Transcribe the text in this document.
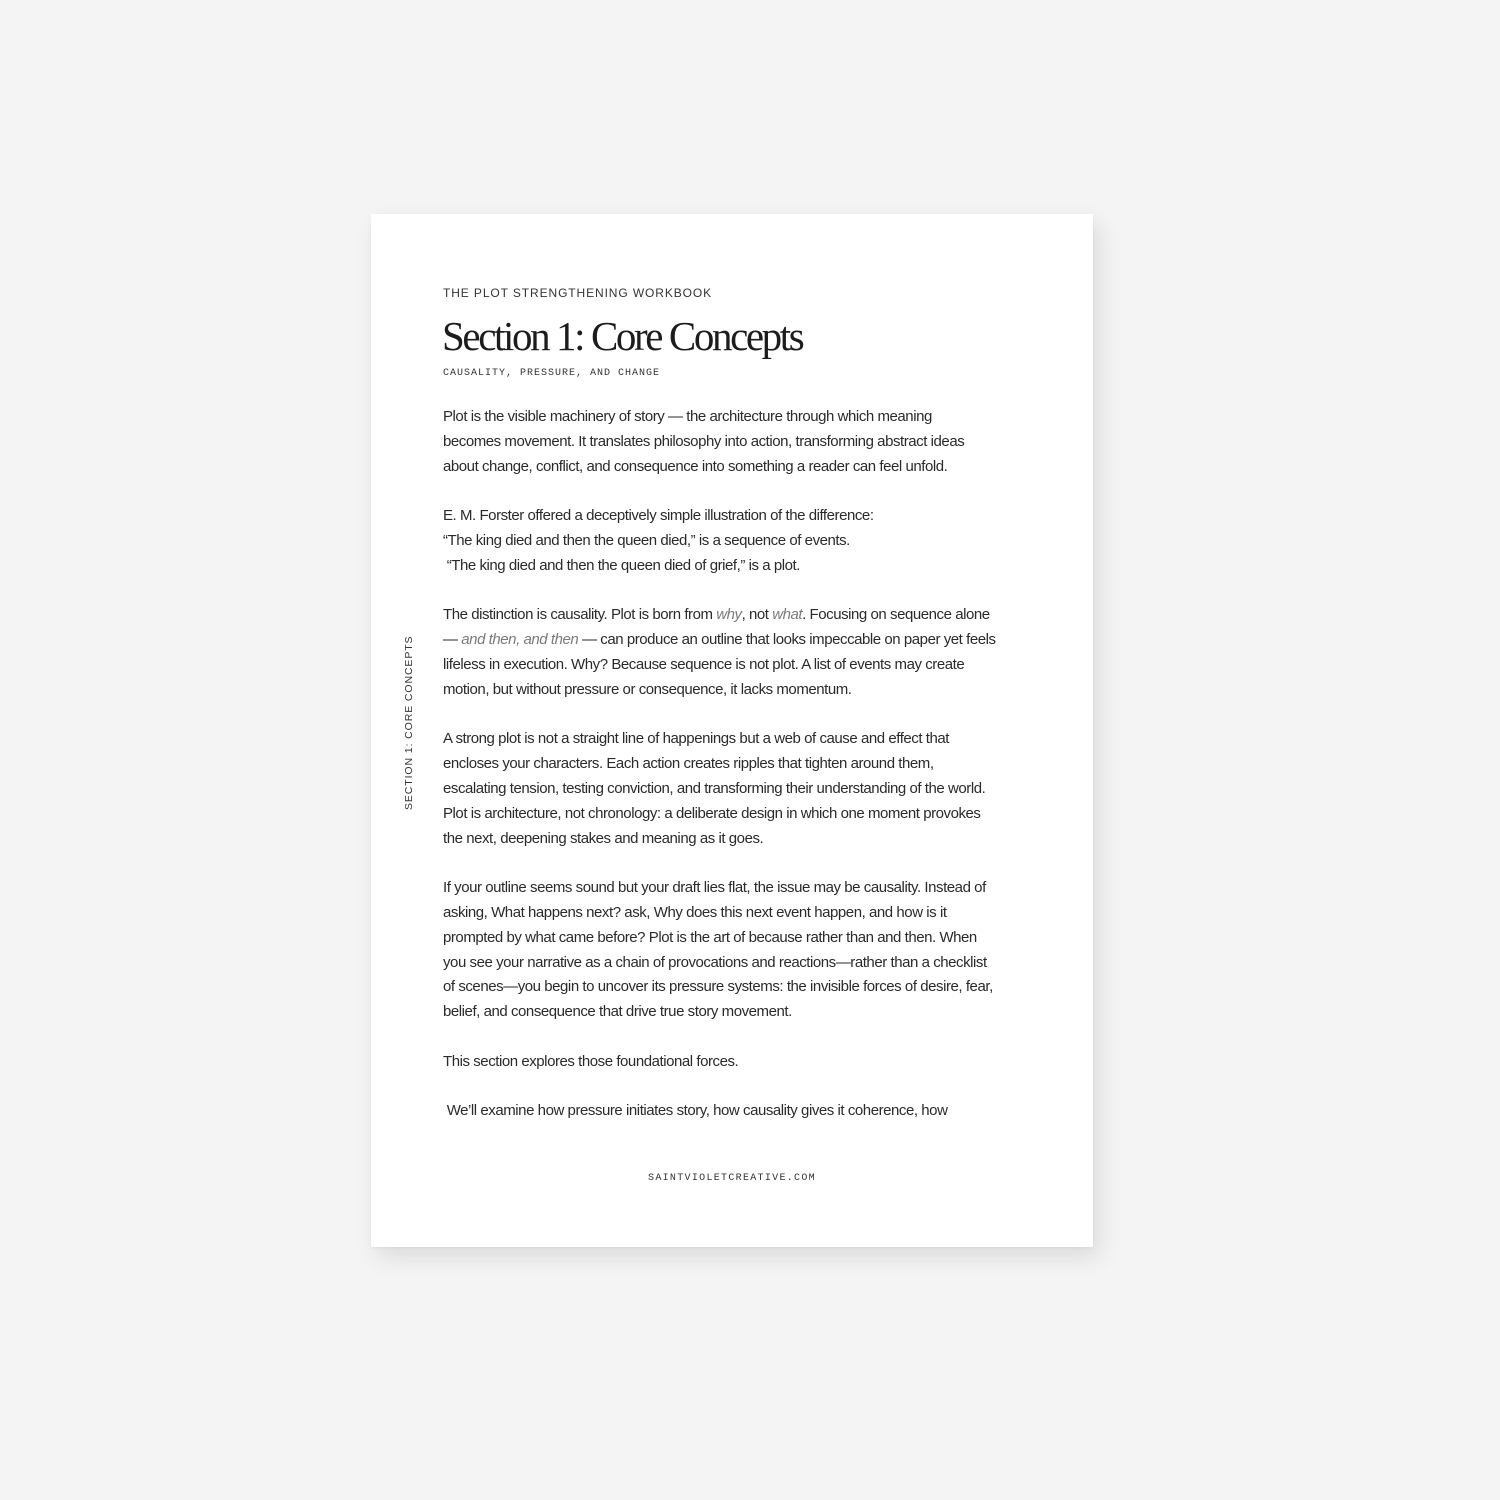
THE PLOT STRENGTHENING WORKBOOK
Section 1: Core Concepts
CAUSALITY, PRESSURE, AND CHANGE
SECTION 1: CORE CONCEPTS

Plot is the visible machinery of story — the architecture through which meaning
becomes movement. It translates philosophy into action, transforming abstract ideas
about change, conflict, and consequence into something a reader can feel unfold.

E. M. Forster offered a deceptively simple illustration of the difference:
“The king died and then the queen died,” is a sequence of events.
“The king died and then the queen died of grief,” is a plot.

The distinction is causality. Plot is born from why, not what. Focusing on sequence alone
— and then, and then — can produce an outline that looks impeccable on paper yet feels
lifeless in execution. Why? Because sequence is not plot. A list of events may create
motion, but without pressure or consequence, it lacks momentum.

A strong plot is not a straight line of happenings but a web of cause and effect that
encloses your characters. Each action creates ripples that tighten around them,
escalating tension, testing conviction, and transforming their understanding of the world.
Plot is architecture, not chronology: a deliberate design in which one moment provokes
the next, deepening stakes and meaning as it goes.

If your outline seems sound but your draft lies flat, the issue may be causality. Instead of
asking, What happens next? ask, Why does this next event happen, and how is it
prompted by what came before? Plot is the art of because rather than and then. When
you see your narrative as a chain of provocations and reactions—rather than a checklist
of scenes—you begin to uncover its pressure systems: the invisible forces of desire, fear,
belief, and consequence that drive true story movement.

This section explores those foundational forces.

We’ll examine how pressure initiates story, how causality gives it coherence, how

SAINTVIOLETCREATIVE.COM
